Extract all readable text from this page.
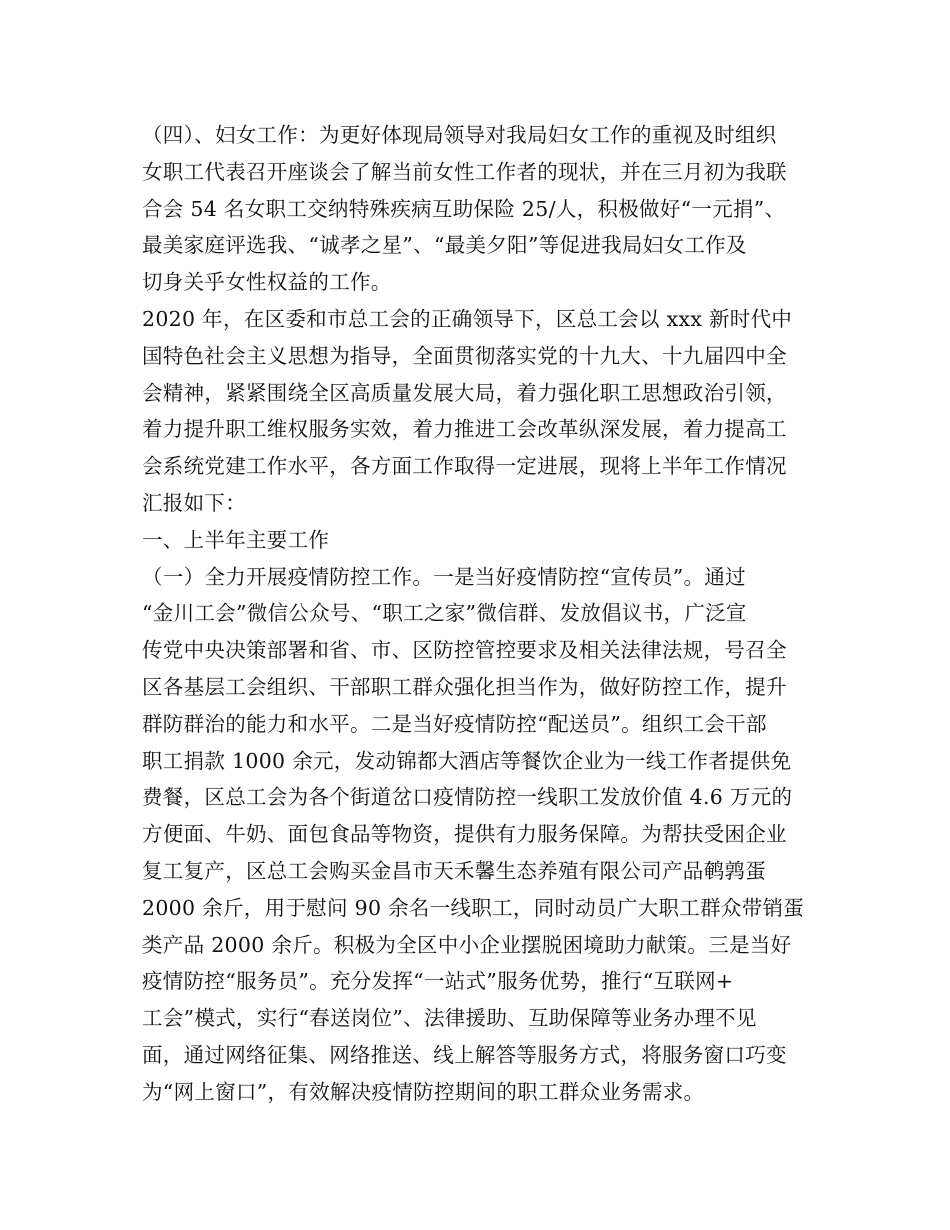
（四）、妇女工作：为更好体现局领导对我局妇女工作的重视及时组织
女职工代表召开座谈会了解当前女性工作者的现状，并在三月初为我联
合会 54 名女职工交纳特殊疾病互助保险 25/人，积极做好“一元捐”、
最美家庭评选我、“诚孝之星”、“最美夕阳”等促进我局妇女工作及
切身关乎女性权益的工作。
2020 年，在区委和市总工会的正确领导下，区总工会以 xxx 新时代中
国特色社会主义思想为指导，全面贯彻落实党的十九大、十九届四中全
会精神，紧紧围绕全区高质量发展大局，着力强化职工思想政治引领，
着力提升职工维权服务实效，着力推进工会改革纵深发展，着力提高工
会系统党建工作水平，各方面工作取得一定进展，现将上半年工作情况
汇报如下：
一、上半年主要工作
（一）全力开展疫情防控工作。一是当好疫情防控“宣传员”。通过
“金川工会”微信公众号、“职工之家”微信群、发放倡议书，广泛宣
传党中央决策部署和省、市、区防控管控要求及相关法律法规，号召全
区各基层工会组织、干部职工群众强化担当作为，做好防控工作，提升
群防群治的能力和水平。二是当好疫情防控“配送员”。组织工会干部
职工捐款 1000 余元，发动锦都大酒店等餐饮企业为一线工作者提供免
费餐，区总工会为各个街道岔口疫情防控一线职工发放价值 4.6 万元的
方便面、牛奶、面包食品等物资，提供有力服务保障。为帮扶受困企业
复工复产，区总工会购买金昌市天禾馨生态养殖有限公司产品鹌鹑蛋
2000 余斤，用于慰问 90 余名一线职工，同时动员广大职工群众带销蛋
类产品 2000 余斤。积极为全区中小企业摆脱困境助力献策。三是当好
疫情防控“服务员”。充分发挥“一站式”服务优势，推行“互联网+
工会”模式，实行“春送岗位”、法律援助、互助保障等业务办理不见
面，通过网络征集、网络推送、线上解答等服务方式，将服务窗口巧变
为“网上窗口”，有效解决疫情防控期间的职工群众业务需求。
